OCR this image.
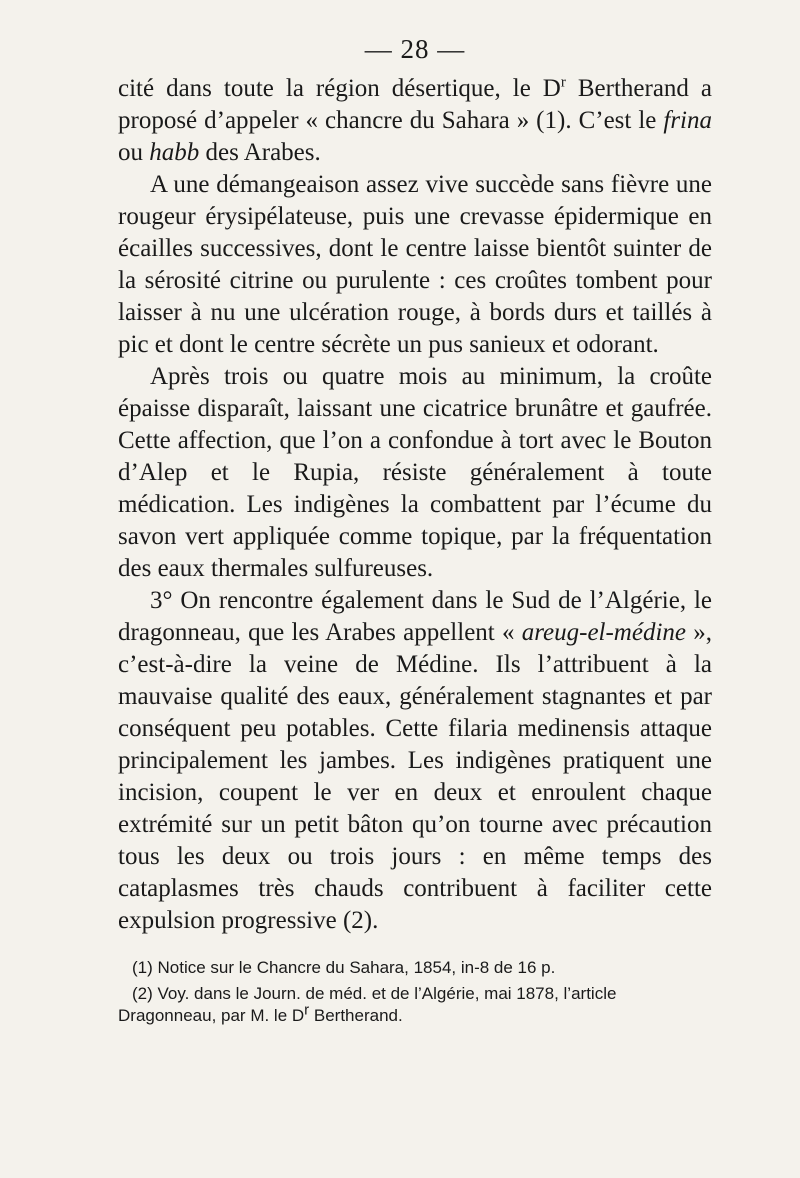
— 28 —

cité dans toute la région désertique, le $D^r$ Bertherand a proposé d’appeler « chancre du Sahara » (1). C’est le frina ou habb des Arabes.

A une démangeaison assez vive succède sans fièvre une rougeur érysipélateuse, puis une crevasse épidermique en écailles successives, dont le centre laisse bientôt suinter de la sérosité citrine ou purulente : ces croûtes tombent pour laisser à nu une ulcération rouge, à bords durs et taillés à pic et dont le centre sécrète un pus sanieux et odorant.

Après trois ou quatre mois au minimum, la croûte épaisse disparaît, laissant une cicatrice brunâtre et gaufrée. Cette affection, que l’on a confondue à tort avec le Bouton d’Alep et le Rupia, résiste généralement à toute médication. Les indigènes la combattent par l’écume du savon vert appliquée comme topique, par la fréquentation des eaux thermales sulfureuses.

3° On rencontre également dans le Sud de l’Algérie, le dragonneau, que les Arabes appellent « areug-el-médine », c’est-à-dire la veine de Médine. Ils l’attribuent à la mauvaise qualité des eaux, généralement stagnantes et par conséquent peu potables. Cette filaria medinensis attaque principalement les jambes. Les indigènes pratiquent une incision, coupent le ver en deux et enroulent chaque extrémité sur un petit bâton qu’on tourne avec précaution tous les deux ou trois jours : en même temps des cataplasmes très chauds contribuent à faciliter cette expulsion progressive (2).

(1) Notice sur le Chancre du Sahara, 1854, in-8 de 16 p.

(2) Voy. dans le Journ. de méd. et de l’Algérie, mai 1878, l’article Dragonneau, par M. le $D^r$ Bertherand.
